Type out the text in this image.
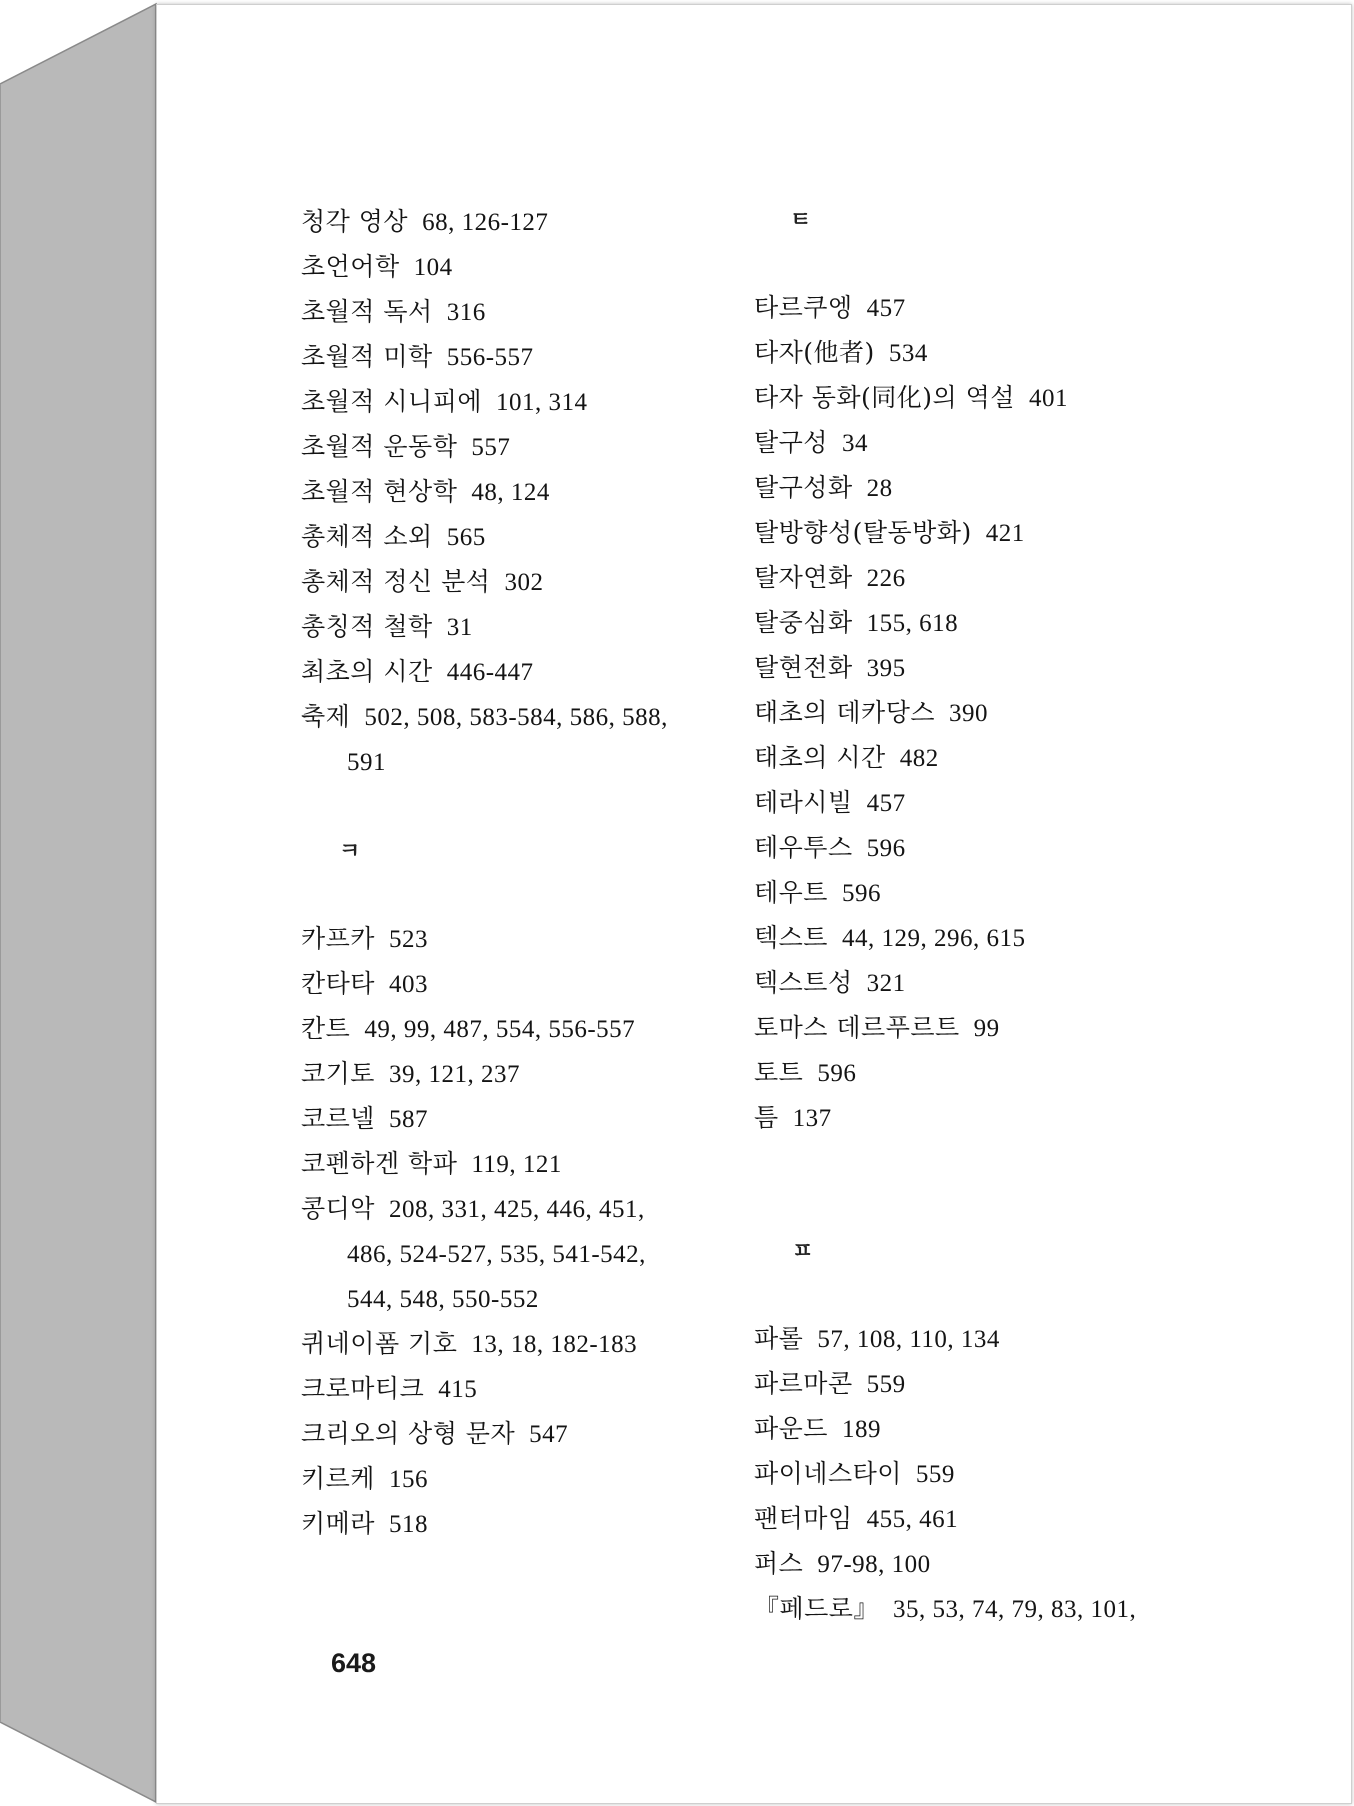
청각 영상 68, 126-127
초언어학 104
초월적 독서 316
초월적 미학 556-557
초월적 시니피에 101, 314
초월적 운동학 557
초월적 현상학 48, 124
총체적 소외 565
총체적 정신 분석 302
총칭적 철학 31
최초의 시간 446-447
축제 502, 508, 583-584, 586, 588,
591
ㅋ
카프카 523
칸타타 403
칸트 49, 99, 487, 554, 556-557
코기토 39, 121, 237
코르넬 587
코펜하겐 학파 119, 121
콩디악 208, 331, 425, 446, 451,
486, 524-527, 535, 541-542,
544, 548, 550-552
퀴네이폼 기호 13, 18, 182-183
크로마티크 415
크리오의 상형 문자 547
키르케 156
키메라 518
ㅌ
타르쿠엥 457
타자(他者) 534
타자 동화(同化)의 역설 401
탈구성 34
탈구성화 28
탈방향성(탈동방화) 421
탈자연화 226
탈중심화 155, 618
탈현전화 395
태초의 데카당스 390
태초의 시간 482
테라시빌 457
테우투스 596
테우트 596
텍스트 44, 129, 296, 615
텍스트성 321
토마스 데르푸르트 99
토트 596
틈 137
ㅍ
파롤 57, 108, 110, 134
파르마콘 559
파운드 189
파이네스타이 559
팬터마임 455, 461
퍼스 97-98, 100
『페드로』 35, 53, 74, 79, 83, 101,
648
